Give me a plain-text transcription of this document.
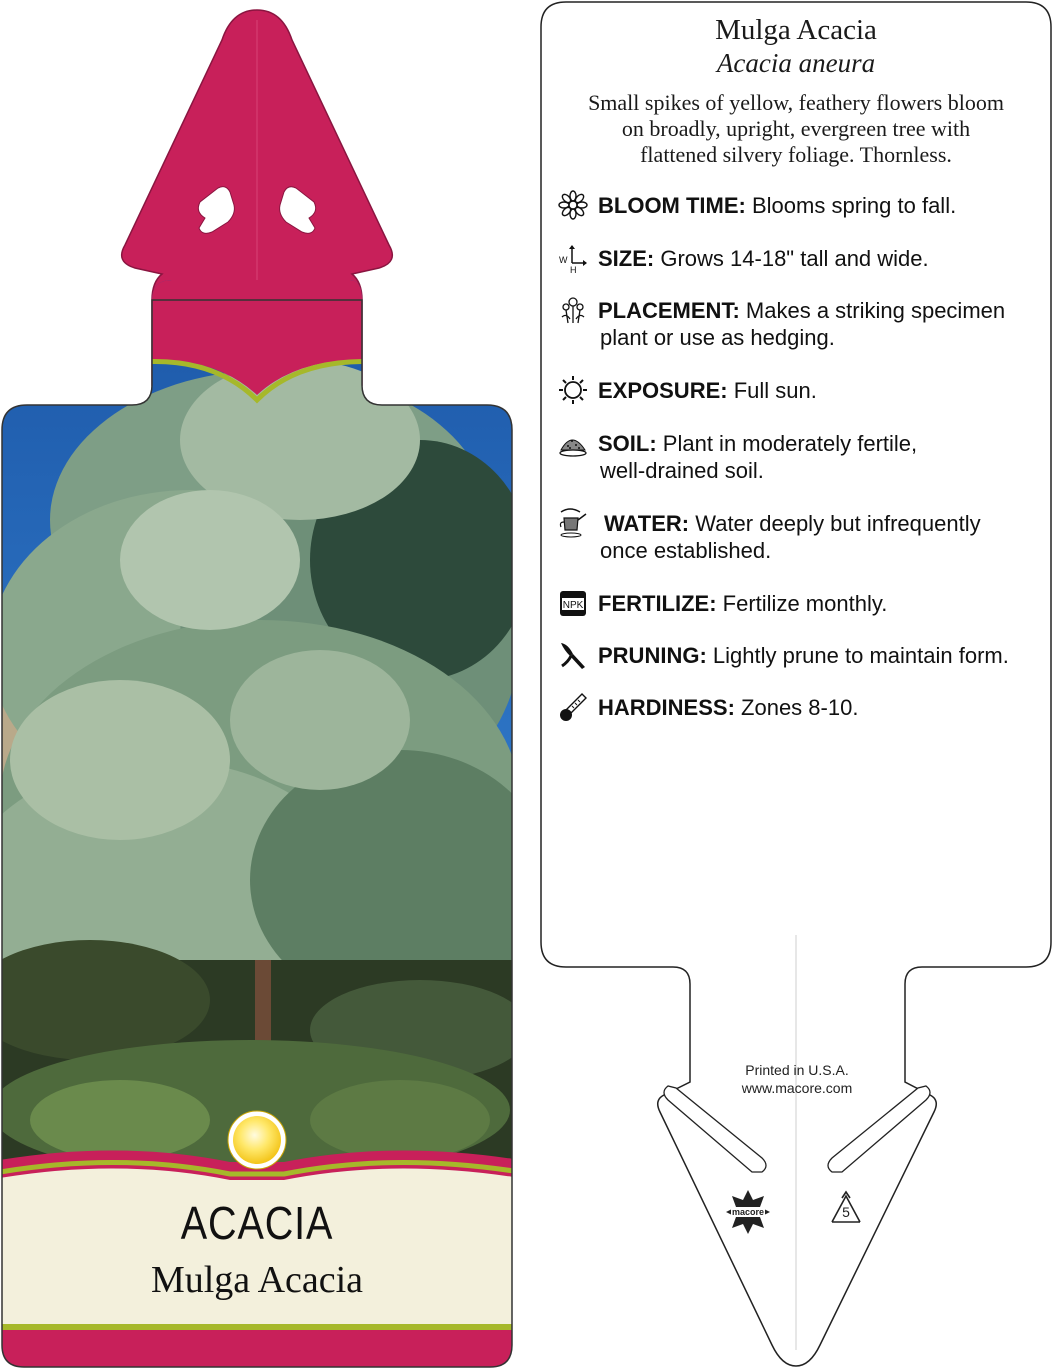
macore	5
Mulga Acacia
Acacia aneura
Small spikes of yellow, feathery flowers bloom
on broadly, upright, evergreen tree with
flattened silvery foliage. Thornless.
BLOOM TIME: Blooms spring to fall.
W
H SIZE: Grows 14-18" tall and wide.
PLACEMENT: Makes a striking specimen
plant or use as hedging.
EXPOSURE: Full sun.
SOIL: Plant in moderately fertile,
well-drained soil.
WATER: Water deeply but infrequently
once established.
NPK FERTILIZE: Fertilize monthly.
PRUNING: Lightly prune to maintain form.
HARDINESS: Zones 8-10.
Printed in U.S.A.
www.macore.com
ACACIA
Mulga Acacia
